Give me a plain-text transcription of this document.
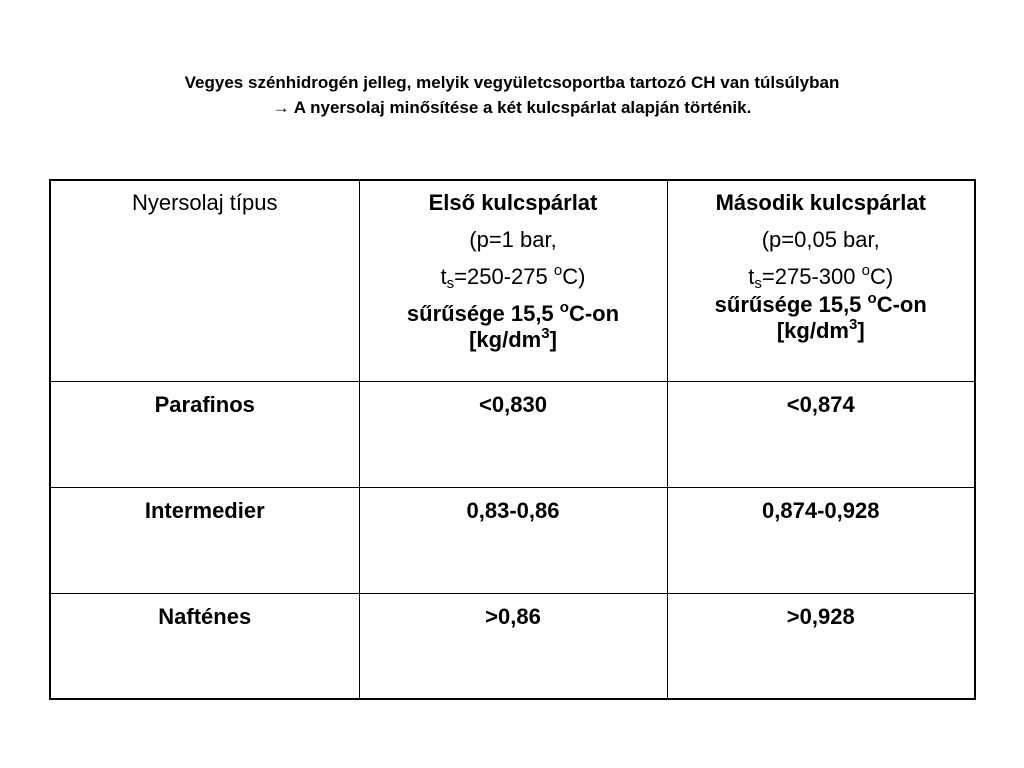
Vegyes szénhidrogén jelleg, melyik vegyületcsoportba tartozó CH van túlsúlyban
→ A nyersolaj minősítése a két kulcspárlat alapján történik.
Nyersolaj típus	Első kulcspárlat
(p=1 bar,
$t_s=250-275$ $^o$C)
sűrűsége 15,5 $^o$C-on
$[kg/dm^3]$	Második kulcspárlat
(p=0,05 bar,
$t_s=275-300$ $^o$C)
sűrűsége 15,5 $^o$C-on
$[kg/dm^3]$

Parafinos	<0,830	<0,874
Intermedier	0,83-0,86	0,874-0,928
Nafténes	>0,86	>0,928
